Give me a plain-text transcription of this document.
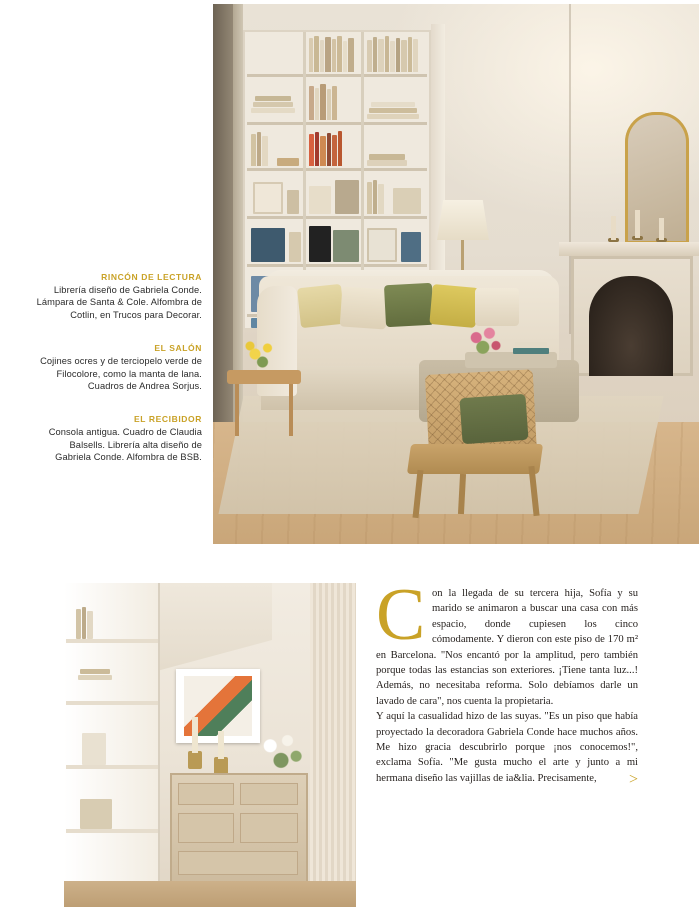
RINCÓN DE LECTURA
Librería diseño de Gabriela Conde. Lámpara de Santa & Cole. Alfombra de Cotlin, en Trucos para Decorar.
EL SALÓN
Cojines ocres y de terciopelo verde de Filocolore, como la manta de lana. Cuadros de Andrea Sorjus.
EL RECIBIDOR
Consola antigua. Cuadro de Claudia Balsells. Librería alta diseño de Gabriela Conde. Alfombra de BSB.
C on la llegada de su tercera hija, Sofía y su marido se animaron a buscar una casa con más espacio, donde cupiesen los cinco cómodamente. Y dieron con este piso de 170 m² en Barcelona. "Nos encantó por la amplitud, pero también porque todas las estancias son exteriores. ¡Tiene tanta luz...! Además, no necesitaba reforma. Solo debíamos darle un lavado de cara", nos cuenta la propietaria.

Y aquí la casualidad hizo de las suyas. "Es un piso que había proyectado la decoradora Gabriela Conde hace muchos años. Me hizo gracia descubrirlo porque ¡nos conocemos!", exclama Sofía. "Me gusta mucho el arte y junto a mi hermana diseño las vajillas de ia&lia. Precisamente,	>
